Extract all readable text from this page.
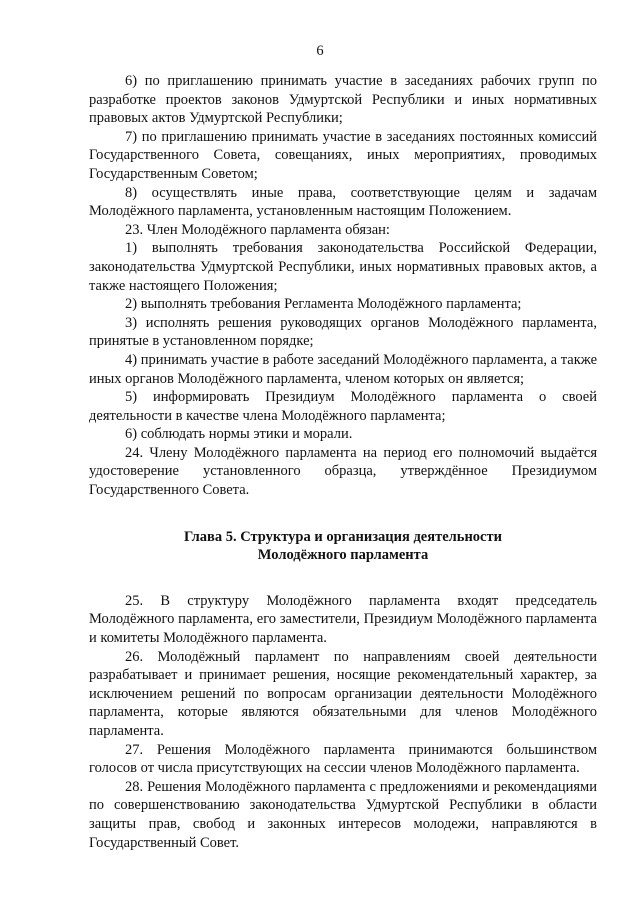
6

6) по приглашению принимать участие в заседаниях рабочих групп по разработке проектов законов Удмуртской Республики и иных нормативных правовых актов Удмуртской Республики;

7) по приглашению принимать участие в заседаниях постоянных комиссий Государственного Совета, совещаниях, иных мероприятиях, проводимых Государственным Советом;

8) осуществлять иные права, соответствующие целям и задачам Молодёжного парламента, установленным настоящим Положением.

23. Член Молодёжного парламента обязан:

1) выполнять требования законодательства Российской Федерации, законодательства Удмуртской Республики, иных нормативных правовых актов, а также настоящего Положения;

2) выполнять требования Регламента Молодёжного парламента;

3) исполнять решения руководящих органов Молодёжного парламента, принятые в установленном порядке;

4) принимать участие в работе заседаний Молодёжного парламента, а также иных органов Молодёжного парламента, членом которых он является;

5) информировать Президиум Молодёжного парламента о своей деятельности в качестве члена Молодёжного парламента;

6) соблюдать нормы этики и морали.

24. Члену Молодёжного парламента на период его полномочий выдаётся удостоверение установленного образца, утверждённое Президиумом Государственного Совета.

Глава 5. Структура и организация деятельности
Молодёжного парламента

25. В структуру Молодёжного парламента входят председатель Молодёжного парламента, его заместители, Президиум Молодёжного парламента и комитеты Молодёжного парламента.

26. Молодёжный парламент по направлениям своей деятельности разрабатывает и принимает решения, носящие рекомендательный характер, за исключением решений по вопросам организации деятельности Молодёжного парламента, которые являются обязательными для членов Молодёжного парламента.

27. Решения Молодёжного парламента принимаются большинством голосов от числа присутствующих на сессии членов Молодёжного парламента.

28. Решения Молодёжного парламента с предложениями и рекомендациями по совершенствованию законодательства Удмуртской Республики в области защиты прав, свобод и законных интересов молодежи, направляются в Государственный Совет.
